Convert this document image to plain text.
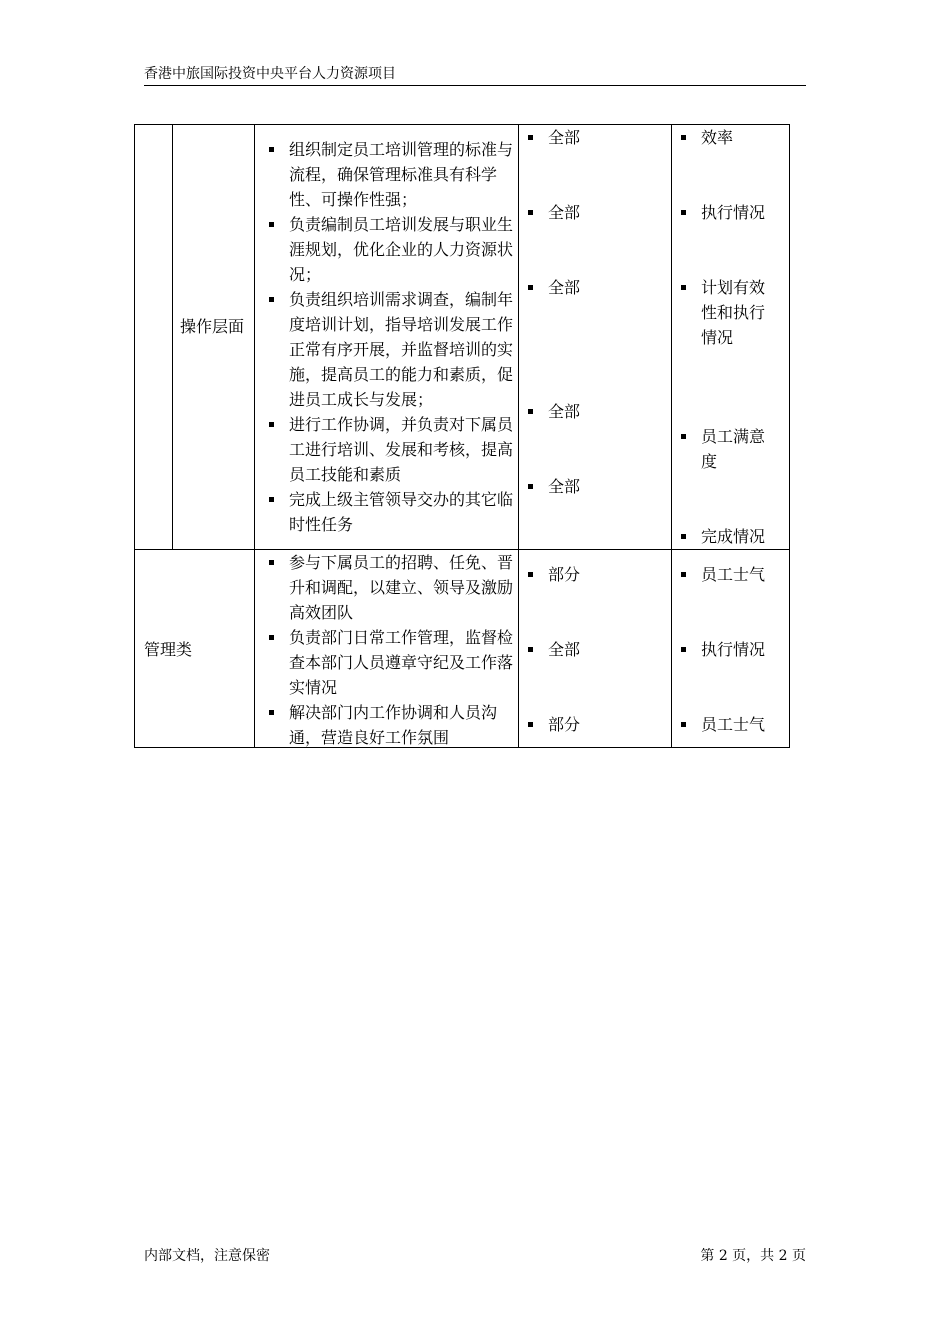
香港中旅国际投资中央平台人力资源项目
操作层面
组织制定员工培训管理的标准与流程，确保管理标准具有科学性、可操作性强；
负责编制员工培训发展与职业生涯规划，优化企业的人力资源状况；
负责组织培训需求调查，编制年度培训计划，指导培训发展工作正常有序开展，并监督培训的实施，提高员工的能力和素质，促进员工成长与发展；
进行工作协调，并负责对下属员工进行培训、发展和考核，提高员工技能和素质
完成上级主管领导交办的其它临时性任务
全部
全部
全部
全部
全部
效率
执行情况
计划有效性和执行情况
员工满意度
完成情况
管理类
参与下属员工的招聘、任免、晋升和调配，以建立、领导及激励高效团队
负责部门日常工作管理，监督检查本部门人员遵章守纪及工作落实情况
解决部门内工作协调和人员沟通，营造良好工作氛围
部分
全部
部分
员工士气
执行情况
员工士气
内部文档，注意保密	第 2 页，共 2 页
